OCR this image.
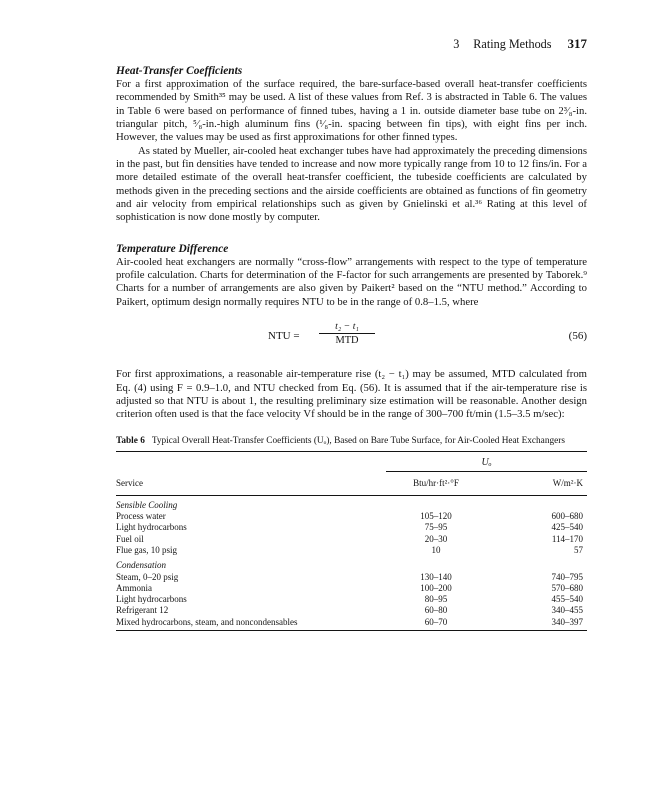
3 Rating Methods 317
Heat-Transfer Coefficients

For a first approximation of the surface required, the bare-surface-based overall heat-transfer coefficients recommended by Smith³⁵ may be used. A list of these values from Ref. 3 is abstracted in Table 6. The values in Table 6 were based on performance of finned tubes, having a 1 in. outside diameter base tube on 2³⁄₈-in. triangular pitch, ⁵⁄₈-in.-high aluminum fins (¹⁄₈-in. spacing between fin tips), with eight fins per inch. However, the values may be used as first approximations for other finned types.

As stated by Mueller, air-cooled heat exchanger tubes have had approximately the preceding dimensions in the past, but fin densities have tended to increase and now more typically range from 10 to 12 fins/in. For a more detailed estimate of the overall heat-transfer coefficient, the tubeside coefficients are calculated by methods given in the preceding sections and the airside coefficients are obtained as functions of fin geometry and air velocity from empirical relationships such as given by Gnielinski et al.³⁶ Rating at this level of sophistication is now done mostly by computer.

Temperature Difference

Air-cooled heat exchangers are normally “cross-flow” arrangements with respect to the type of temperature profile calculation. Charts for determination of the F-factor for such arrangements are presented by Taborek.⁹ Charts for a number of arrangements are also given by Paikert² based on the “NTU method.” According to Paikert, optimum design normally requires NTU to be in the range of 0.8–1.5, where

NTU =
t₂ − t₁
MTD	(56)

For first approximations, a reasonable air-temperature rise (t₂ − t₁) may be assumed, MTD calculated from Eq. (4) using F = 0.9–1.0, and NTU checked from Eq. (56). It is assumed that if the air-temperature rise is adjusted so that NTU is about 1, the resulting preliminary size estimation will be reasonable. Another design criterion often used is that the face velocity Vf should be in the range of 300–700 ft/min (1.5–3.5 m/sec):

Table 6 Typical Overall Heat-Transfer Coefficients (Uₒ), Based on Bare Tube Surface, for Air-Cooled Heat Exchangers

	Uₒ	
Service	Btu/hr·ft²·°F	W/m²·K
Sensible Cooling		
Process water	105–120	600–680
Light hydrocarbons	75–95	425–540
Fuel oil	20–30	114–170
Flue gas, 10 psig	10	57
Condensation		
Steam, 0–20 psig	130–140	740–795
Ammonia	100–200	570–680
Light hydrocarbons	80–95	455–540
Refrigerant 12	60–80	340–455
Mixed hydrocarbons, steam, and noncondensables	60–70	340–397
